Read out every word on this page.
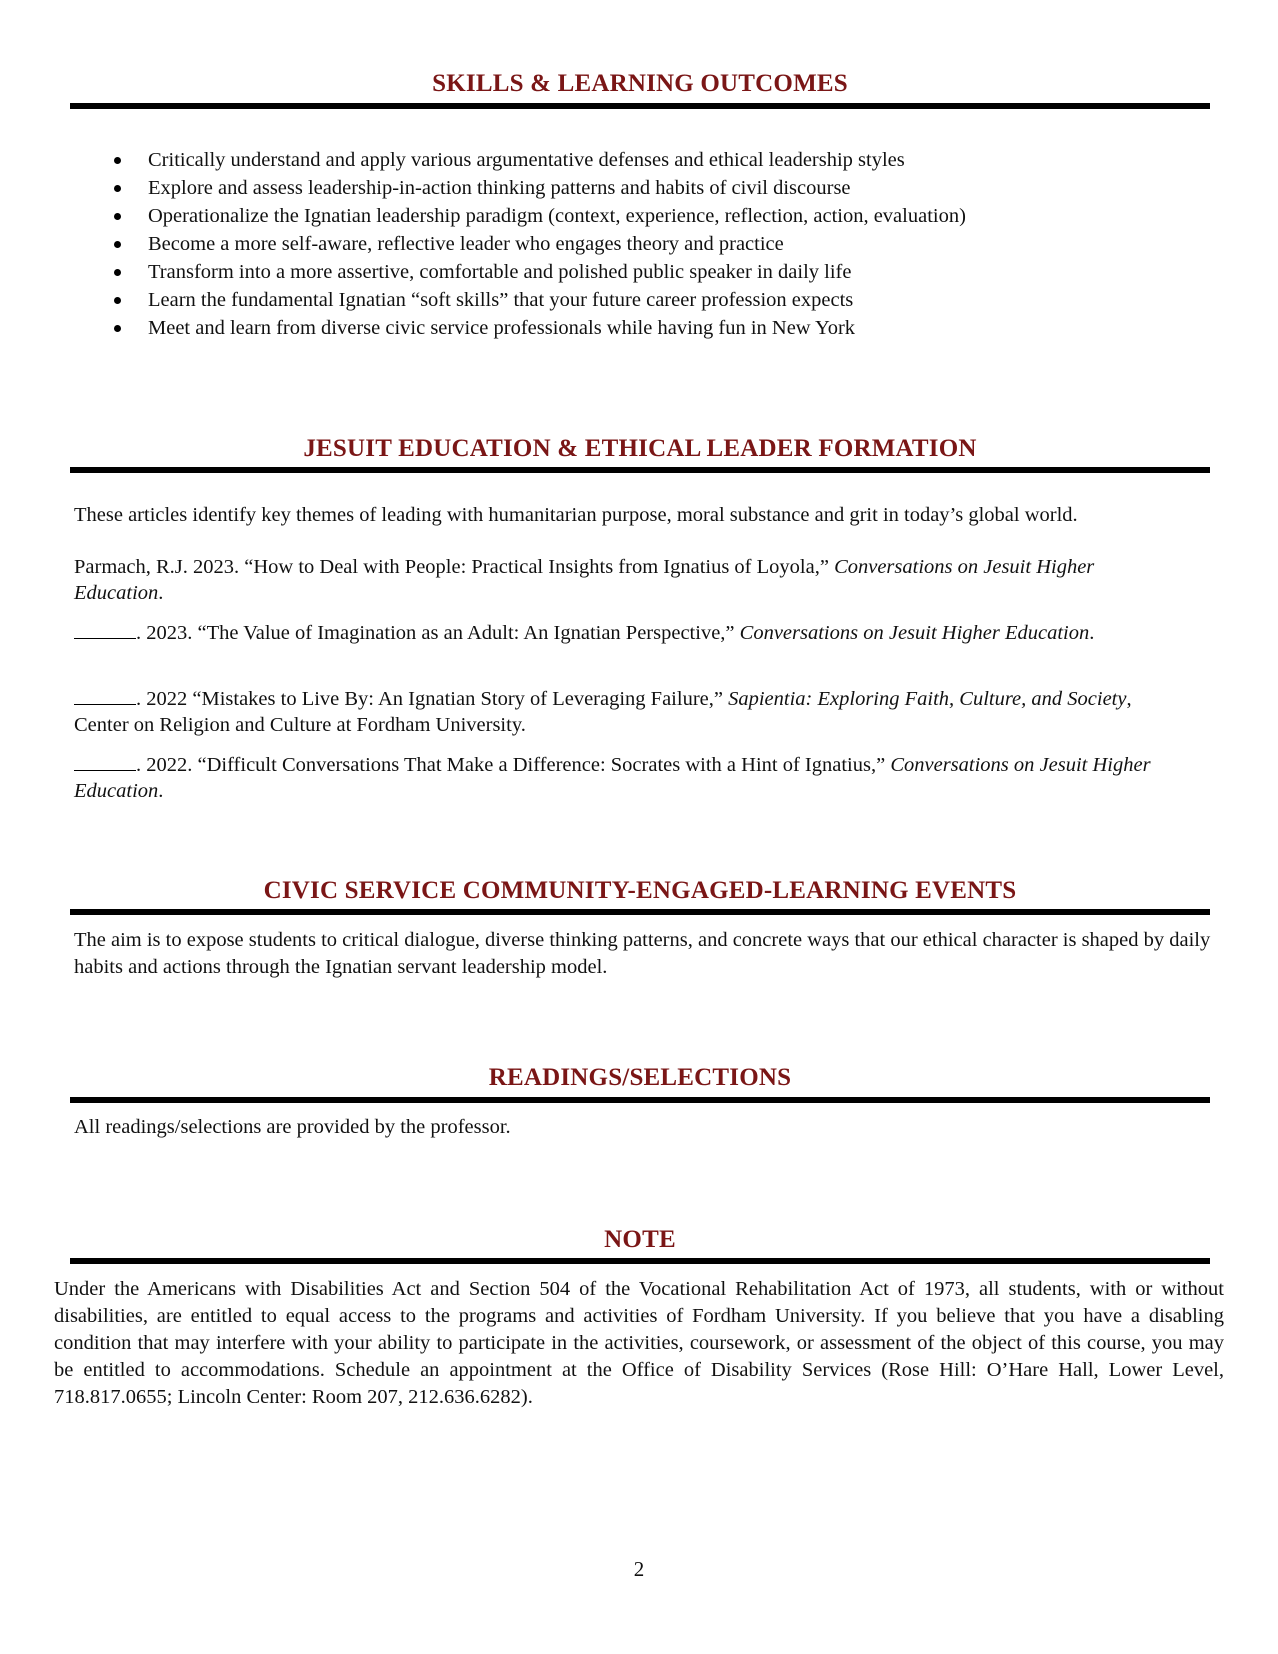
SKILLS & LEARNING OUTCOMES
Critically understand and apply various argumentative defenses and ethical leadership styles
Explore and assess leadership-in-action thinking patterns and habits of civil discourse
Operationalize the Ignatian leadership paradigm (context, experience, reflection, action, evaluation)
Become a more self-aware, reflective leader who engages theory and practice
Transform into a more assertive, comfortable and polished public speaker in daily life
Learn the fundamental Ignatian “soft skills” that your future career profession expects
Meet and learn from diverse civic service professionals while having fun in New York
JESUIT EDUCATION & ETHICAL LEADER FORMATION
These articles identify key themes of leading with humanitarian purpose, moral substance and grit in today’s global world.
Parmach, R.J. 2023. “How to Deal with People: Practical Insights from Ignatius of Loyola,” Conversations on Jesuit Higher Education.
. 2023. “The Value of Imagination as an Adult: An Ignatian Perspective,” Conversations on Jesuit Higher Education.
. 2022 “Mistakes to Live By: An Ignatian Story of Leveraging Failure,” Sapientia: Exploring Faith, Culture, and Society, Center on Religion and Culture at Fordham University.
. 2022. “Difficult Conversations That Make a Difference: Socrates with a Hint of Ignatius,” Conversations on Jesuit Higher Education.
CIVIC SERVICE COMMUNITY-ENGAGED-LEARNING EVENTS
The aim is to expose students to critical dialogue, diverse thinking patterns, and concrete ways that our ethical character is shaped by daily habits and actions through the Ignatian servant leadership model.
READINGS/SELECTIONS
All readings/selections are provided by the professor.
NOTE
Under the Americans with Disabilities Act and Section 504 of the Vocational Rehabilitation Act of 1973, all students, with or without disabilities, are entitled to equal access to the programs and activities of Fordham University. If you believe that you have a disabling condition that may interfere with your ability to participate in the activities, coursework, or assessment of the object of this course, you may be entitled to accommodations. Schedule an appointment at the Office of Disability Services (Rose Hill: O’Hare Hall, Lower Level, 718.817.0655; Lincoln Center: Room 207, 212.636.6282).
2
